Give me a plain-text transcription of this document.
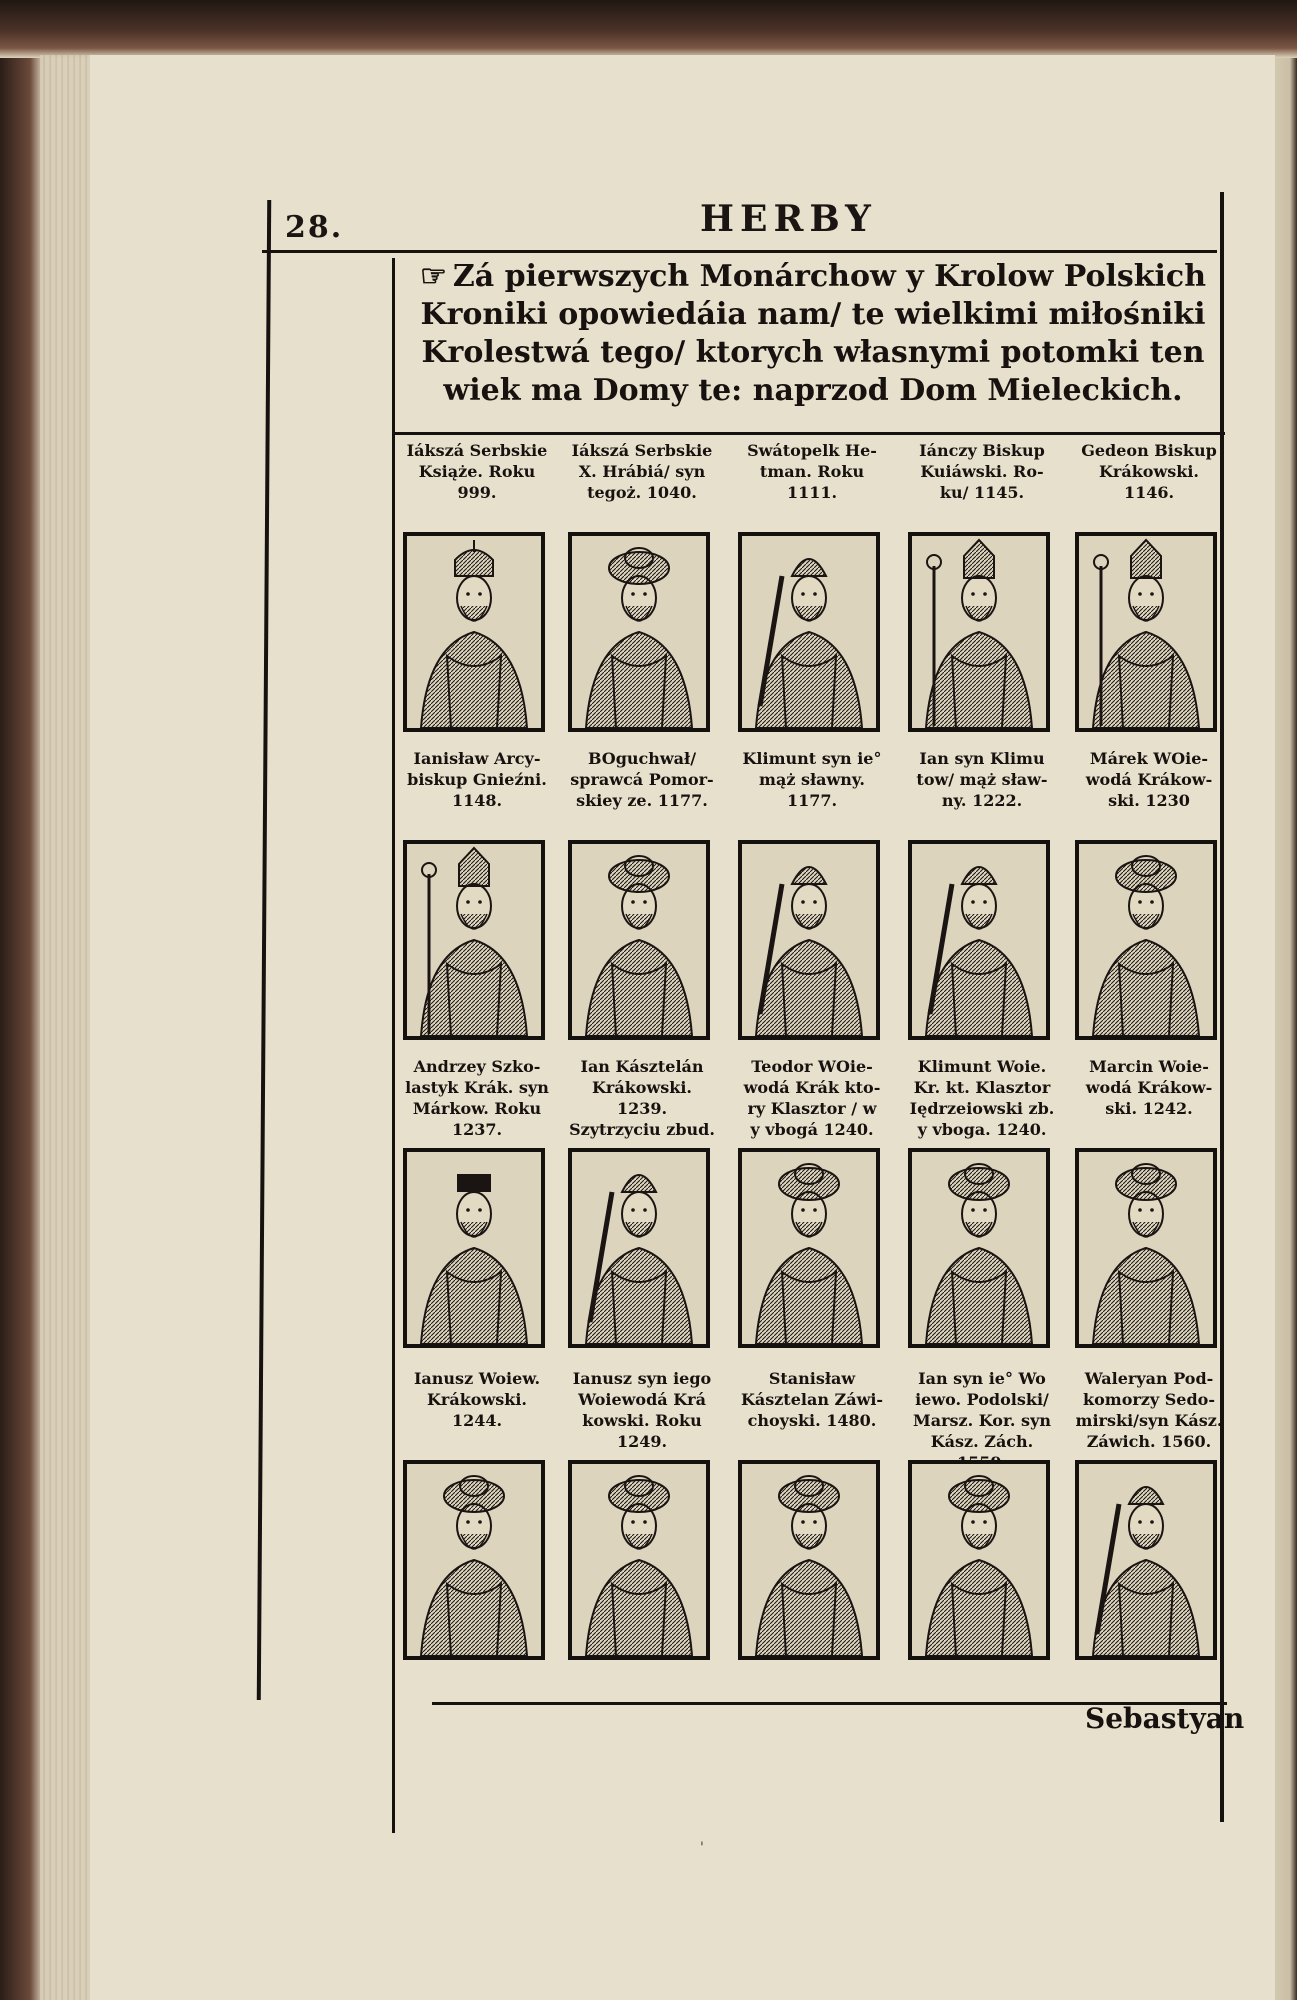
28.	HERBY
☞ Zá pierwszych Monárchow y Krolow Polskich Kroniki opowiedáia nam/ te wielkimi miłośniki Krolestwá tego/ ktorych własnymi potomki ten wiek ma Domy te: naprzod Dom Mieleckich.
Iákszá Serbskie
Książe. Roku
999.
Iákszá Serbskie
X. Hrábiá/ syn
tegoż. 1040.
Swátopelk He-
tman. Roku
1111.
Iánczy Biskup
Kuiáwski. Ro-
ku/ 1145.
Gedeon Biskup
Krákowski.
1146.
Ianisław Arcy-
biskup Gnieźni.
1148.
BOguchwał/
sprawcá Pomor-
skiey ze. 1177.
Klimunt syn ie°
mąż sławny.
1177.
Ian syn Klimu
tow/ mąż sław-
ny. 1222.
Márek WOie-
wodá Krákow-
ski. 1230
Andrzey Szko-
lastyk Krák. syn
Márkow. Roku
1237.
Ian Kásztelán
Krákowski.
1239.
Szytrzyciu zbud.
Teodor WOie-
wodá Krák kto-
ry Klasztor / w
y vbogá 1240.
Klimunt Woie.
Kr. kt. Klasztor
Iędrzeiowski zb.
y vboga. 1240.
Marcin Woie-
wodá Krákow-
ski. 1242.
Ianusz Woiew.
Krákowski.
1244.
Ianusz syn iego
Woiewodá Krá
kowski. Roku
1249.
Stanisław
Kásztelan Záwi-
choyski. 1480.
Ian syn ie° Wo
iewo. Podolski/
Marsz. Kor. syn
Kász. Zách.
Waleryan Pod-
komorzy Sedo-
mirski/syn Kász.
Záwich. 1560.
Sebastyan
'
